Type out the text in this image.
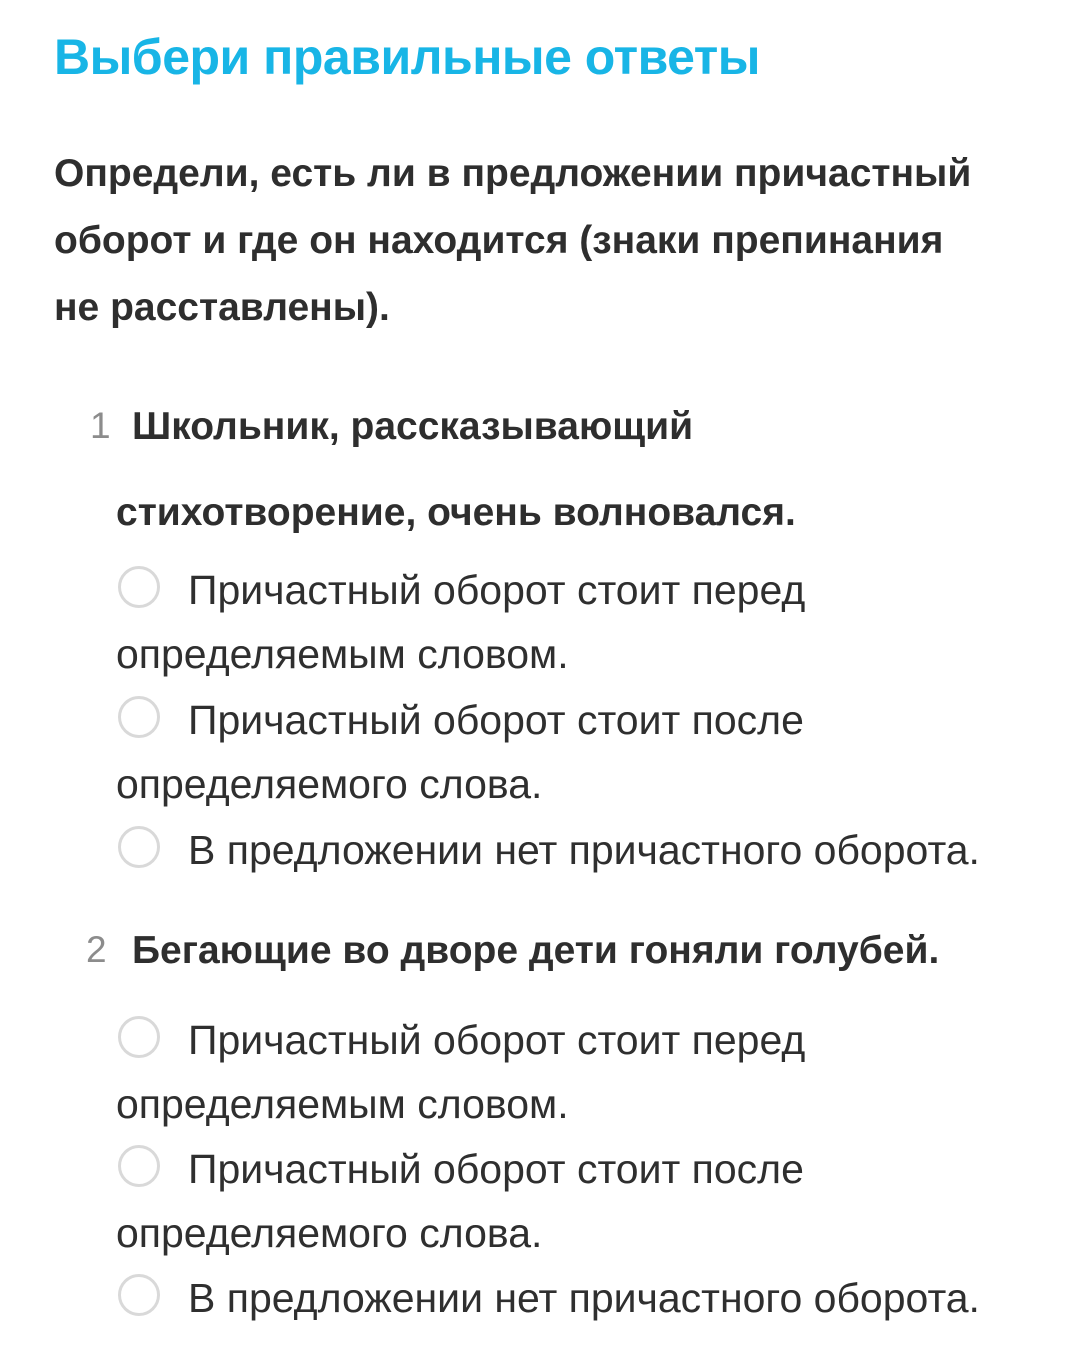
Выбери правильные ответы
Определи, есть ли в предложении причастный
оборот и где он находится (знаки препинания
не расставлены).
1 Школьник, рассказывающий
стихотворение, очень волновался.
Причастный оборот стоит перед
определяемым словом.
Причастный оборот стоит после
определяемого слова.
В предложении нет причастного оборота.
2 Бегающие во дворе дети гоняли голубей.
Причастный оборот стоит перед
определяемым словом.
Причастный оборот стоит после
определяемого слова.
В предложении нет причастного оборота.
